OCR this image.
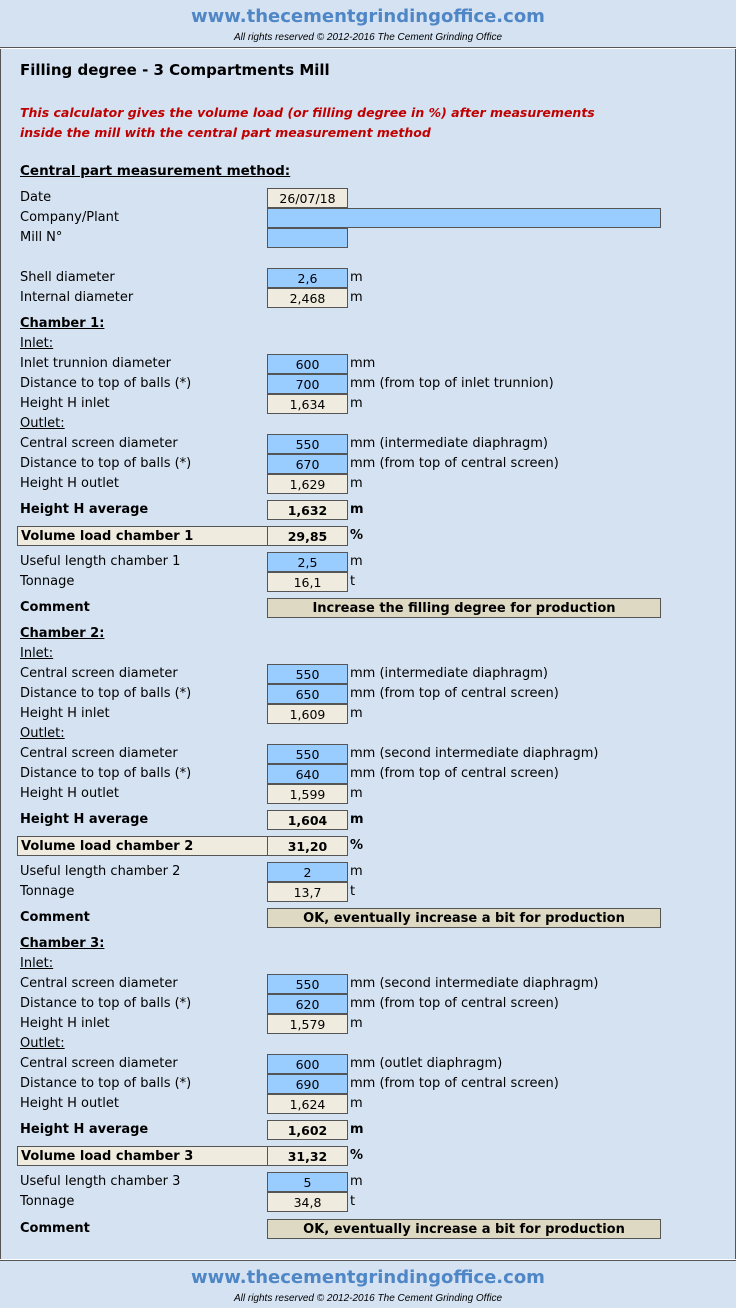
www.thecementgrindingoffice.com
All rights reserved © 2012-2016 The Cement Grinding Office
Filling degree - 3 Compartments Mill
This calculator gives the volume load (or filling degree in %) after measurements
inside the mill with the central part measurement method
Central part measurement method:
Date	26/07/18
Company/Plant
Mill N°
Shell diameter	2,6	m
Internal diameter	2,468	m
Chamber 1:
Inlet:
Inlet trunnion diameter	600	mm
Distance to top of balls (*)	700	mm (from top of inlet trunnion)
Height H inlet	1,634	m
Outlet:
Central screen diameter	550	mm (intermediate diaphragm)
Distance to top of balls (*)	670	mm (from top of central screen)
Height H outlet	1,629	m
Height H average	1,632	m
Volume load chamber 1	29,85	%
Useful length chamber 1	2,5	m
Tonnage	16,1	t
Comment	Increase the filling degree for production
Chamber 2:
Inlet:
Central screen diameter	550	mm (intermediate diaphragm)
Distance to top of balls (*)	650	mm (from top of central screen)
Height H inlet	1,609	m
Outlet:
Central screen diameter	550	mm (second intermediate diaphragm)
Distance to top of balls (*)	640	mm (from top of central screen)
Height H outlet	1,599	m
Height H average	1,604	m
Volume load chamber 2	31,20	%
Useful length chamber 2	2	m
Tonnage	13,7	t
Comment	OK, eventually increase a bit for production
Chamber 3:
Inlet:
Central screen diameter	550	mm (second intermediate diaphragm)
Distance to top of balls (*)	620	mm (from top of central screen)
Height H inlet	1,579	m
Outlet:
Central screen diameter	600	mm (outlet diaphragm)
Distance to top of balls (*)	690	mm (from top of central screen)
Height H outlet	1,624	m
Height H average	1,602	m
Volume load chamber 3	31,32	%
Useful length chamber 3	5	m
Tonnage	34,8	t
Comment	OK, eventually increase a bit for production
www.thecementgrindingoffice.com
All rights reserved © 2012-2016 The Cement Grinding Office
